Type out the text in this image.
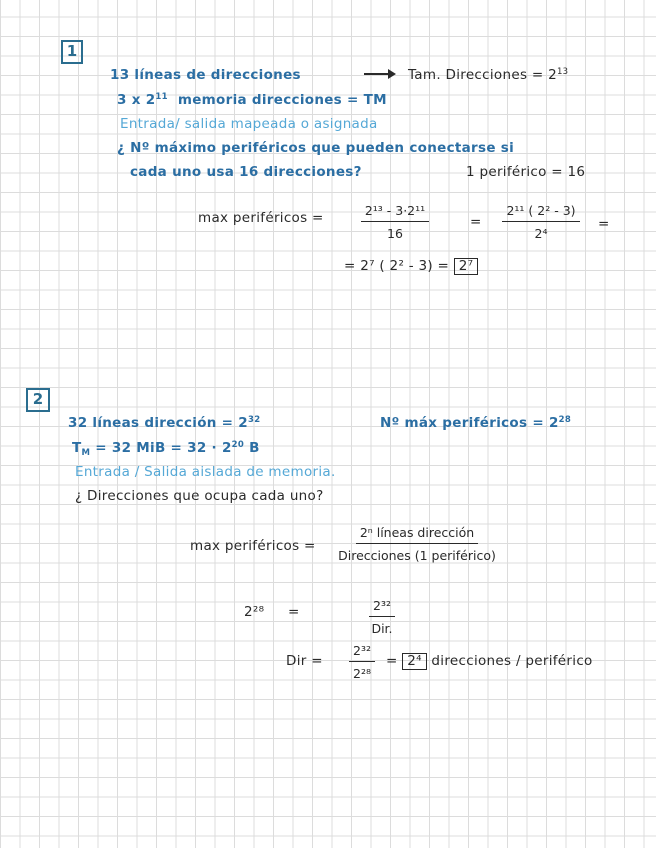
1
13 líneas de direcciones	Tam. Direcciones = $2^{13}$
3 x $2^{11}$ memoria direcciones = TM
Entrada/ salida mapeada o asignada
¿ Nº máximo periféricos que pueden conectarse si
cada uno usa 16 direcciones?	1 periférico = 16
max periféricos = $\frac{\text{2¹³ - 3·2¹¹}}{16} = \frac{\text{2¹¹ ( 2² - 3)}}{\text{2⁴}}$ =
= 2⁷ ( 2² - 3) = 2⁷
2
32 líneas dirección = $2^{32}$	Nº máx periféricos = $2^{28}$
$T_M = 32$ MiB = $32 \cdot 2^{20}$ B
Entrada / Salida aislada de memoria.
¿ Direcciones que ocupa cada uno?
max periféricos =
2ⁿ líneas dirección
Direcciones (1 periférico)
2²⁸ =	2³²
Dir.
Dir = $\frac{\text{2³²}}{\text{2²⁸}} = 2^4$ direcciones / periférico
